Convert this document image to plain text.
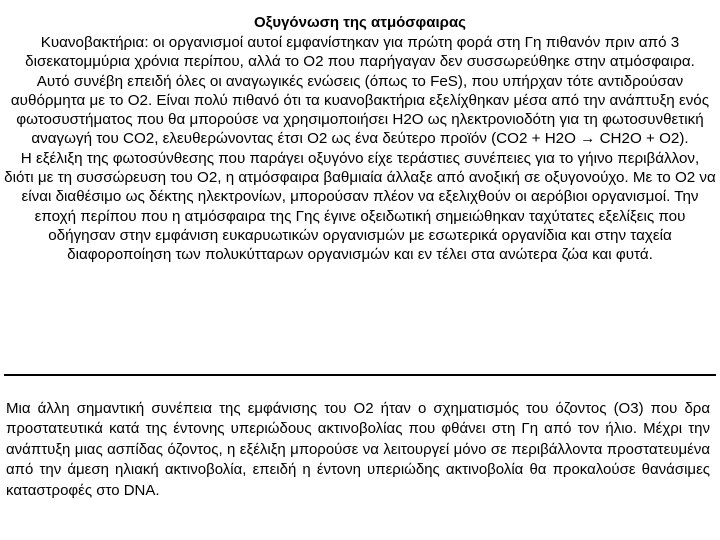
Οξυγόνωση της ατμόσφαιρας

Κυανοβακτήρια: οι οργανισμοί αυτοί εμφανίστηκαν για πρώτη φορά στη Γη πιθανόν πριν από 3 δισεκατομμύρια χρόνια περίπου, αλλά το Ο2 που παρήγαγαν δεν συσσωρεύθηκε στην ατμόσφαιρα.

Αυτό συνέβη επειδή όλες οι αναγωγικές ενώσεις (όπως το FeS), που υπήρχαν τότε αντιδρούσαν αυθόρμητα με το Ο2. Είναι πολύ πιθανό ότι τα κυανοβακτήρια εξελίχθηκαν μέσα από την ανάπτυξη ενός φωτοσυστήματος που θα μπορούσε να χρησιμοποιήσει Η2Ο ως ηλεκτρονιοδότη για τη φωτοσυνθετική αναγωγή του CO2, ελευθερώνοντας έτσι Ο2 ως ένα δεύτερο προϊόν (CO2 + H2O → CH2O + O2).

Η εξέλιξη της φωτοσύνθεσης που παράγει οξυγόνο είχε τεράστιες συνέπειες για το γήινο περιβάλλον, διότι με τη συσσώρευση του Ο2, η ατμόσφαιρα βαθμιαία άλλαξε από ανοξική σε οξυγονούχο. Με το Ο2 να είναι διαθέσιμο ως δέκτης ηλεκτρονίων, μπορούσαν πλέον να εξελιχθούν οι αερόβιοι οργανισμοί. Την εποχή περίπου που η ατμόσφαιρα της Γης έγινε οξειδωτική σημειώθηκαν ταχύτατες εξελίξεις που οδήγησαν στην εμφάνιση ευκαρυωτικών οργανισμών με εσωτερικά οργανίδια και στην ταχεία διαφοροποίηση των πολυκύτταρων οργανισμών και εν τέλει στα ανώτερα ζώα και φυτά.

Μια άλλη σημαντική συνέπεια της εμφάνισης του Ο2 ήταν ο σχηματισμός του όζοντος (Ο3) που δρα προστατευτικά κατά της έντονης υπεριώδους ακτινοβολίας που φθάνει στη Γη από τον ήλιο. Μέχρι την ανάπτυξη μιας ασπίδας όζοντος, η εξέλιξη μπορούσε να λειτουργεί μόνο σε περιβάλλοντα προστατευμένα από την άμεση ηλιακή ακτινοβολία, επειδή η έντονη υπεριώδης ακτινοβολία θα προκαλούσε θανάσιμες καταστροφές στο DNA.
